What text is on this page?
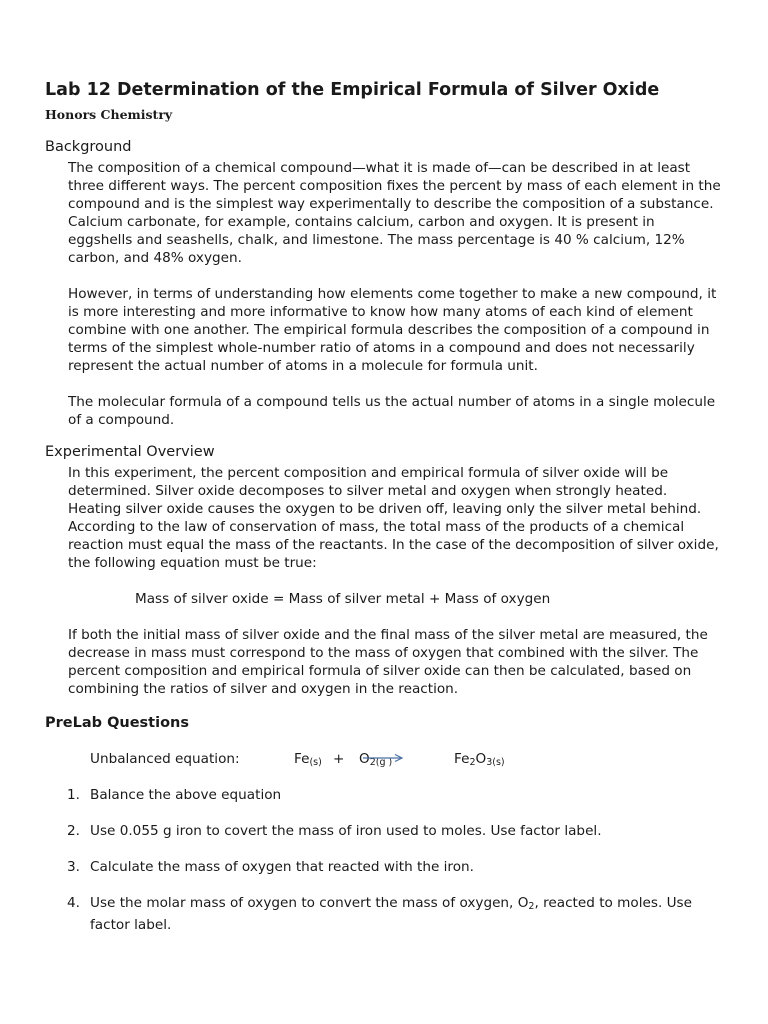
Lab 12 Determination of the Empirical Formula of Silver Oxide
Honors Chemistry
Background

The composition of a chemical compound—what it is made of—can be described in at least three different ways. The percent composition fixes the percent by mass of each element in the compound and is the simplest way experimentally to describe the composition of a substance. Calcium carbonate, for example, contains calcium, carbon and oxygen. It is present in eggshells and seashells, chalk, and limestone. The mass percentage is 40 % calcium, 12% carbon, and 48% oxygen.

However, in terms of understanding how elements come together to make a new compound, it is more interesting and more informative to know how many atoms of each kind of element combine with one another. The empirical formula describes the composition of a compound in terms of the simplest whole-number ratio of atoms in a compound and does not necessarily represent the actual number of atoms in a molecule for formula unit.

The molecular formula of a compound tells us the actual number of atoms in a single molecule of a compound.

Experimental Overview

In this experiment, the percent composition and empirical formula of silver oxide will be determined. Silver oxide decomposes to silver metal and oxygen when strongly heated. Heating silver oxide causes the oxygen to be driven off, leaving only the silver metal behind. According to the law of conservation of mass, the total mass of the products of a chemical reaction must equal the mass of the reactants. In the case of the decomposition of silver oxide, the following equation must be true:

Mass of silver oxide = Mass of silver metal + Mass of oxygen

If both the initial mass of silver oxide and the final mass of the silver metal are measured, the decrease in mass must correspond to the mass of oxygen that combined with the silver. The percent composition and empirical formula of silver oxide can then be calculated, based on combining the ratios of silver and oxygen in the reaction.

PreLab Questions
Unbalanced equation:	$Fe_{(s)} + O_{2(g )}$	$Fe_2O_{3(s)}$
1. Balance the above equation
2. Use 0.055 g iron to covert the mass of iron used to moles. Use factor label.
3. Calculate the mass of oxygen that reacted with the iron.
4. Use the molar mass of oxygen to convert the mass of oxygen, $O_2$, reacted to moles. Use factor label.
